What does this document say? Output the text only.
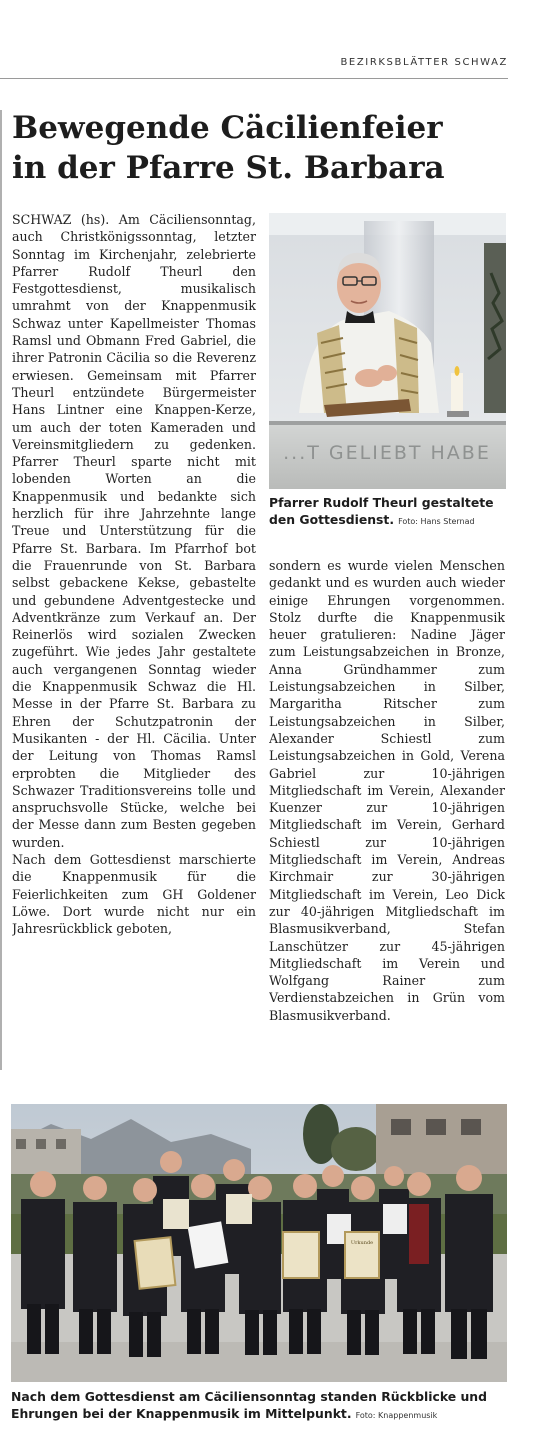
BEZIRKSBLÄTTER SCHWAZ
Bewegende Cäcilienfeier
in der Pfarre St. Barbara

SCHWAZ (hs). Am Cäciliensonntag, auch Christkönigssonntag, letzter Sonntag im Kirchenjahr, zelebrierte Pfarrer Rudolf Theurl den Festgottesdienst, musikalisch umrahmt von der Knappenmusik Schwaz unter Kapellmeister Thomas Ramsl und Obmann Fred Gabriel, die ihrer Patronin Cäcilia so die Reverenz erwiesen. Gemeinsam mit Pfarrer Theurl entzündete Bürgermeister Hans Lintner eine Knappen-Kerze, um auch der toten Kameraden und Vereinsmitgliedern zu gedenken. Pfarrer Theurl sparte nicht mit lobenden Worten an die Knappenmusik und bedankte sich herzlich für ihre Jahrzehnte lange Treue und Unterstützung für die Pfarre St. Barbara. Im Pfarrhof bot die Frauenrunde von St. Barbara selbst gebackene Kekse, gebastelte und gebundene Adventgestecke und Adventkränze zum Verkauf an. Der Reinerlös wird sozialen Zwecken zugeführt. Wie jedes Jahr gestaltete auch vergangenen Sonntag wieder die Knappenmusik Schwaz die Hl. Messe in der Pfarre St. Barbara zu Ehren der Schutzpatronin der Musikanten - der Hl. Cäcilia. Unter der Leitung von Thomas Ramsl erprobten die Mitglieder des Schwazer Traditionsvereins tolle und anspruchsvolle Stücke, welche bei der Messe dann zum Besten gegeben wurden.

Nach dem Gottesdienst marschierte die Knappenmusik für die Feierlichkeiten zum GH Goldener Löwe. Dort wurde nicht nur ein Jahresrückblick geboten,

...T GELIEBT HABE
Pfarrer Rudolf Theurl gestaltete den Gottesdienst. Foto: Hans Sternad

sondern es wurde vielen Menschen gedankt und es wurden auch wieder einige Ehrungen vorgenommen. Stolz durfte die Knappenmusik heuer gratulieren: Nadine Jäger zum Leistungsabzeichen in Bronze, Anna Gründhammer zum Leistungsabzeichen in Silber, Margaritha Ritscher zum Leistungsabzeichen in Silber, Alexander Schiestl zum Leistungsabzeichen in Gold, Verena Gabriel zur 10-jährigen Mitgliedschaft im Verein, Alexander Kuenzer zur 10-jährigen Mitgliedschaft im Verein, Gerhard Schiestl zur 10-jährigen Mitgliedschaft im Verein, Andreas Kirchmair zur 30-jährigen Mitgliedschaft im Verein, Leo Dick zur 40-jährigen Mitgliedschaft im Blasmusikverband, Stefan Lanschützer zur 45-jährigen Mitgliedschaft im Verein und Wolfgang Rainer zum Verdienstabzeichen in Grün vom Blasmusikverband.

Urkunde
Nach dem Gottesdienst am Cäciliensonntag standen Rückblicke und Ehrungen bei der Knappenmusik im Mittelpunkt. Foto: Knappenmusik
